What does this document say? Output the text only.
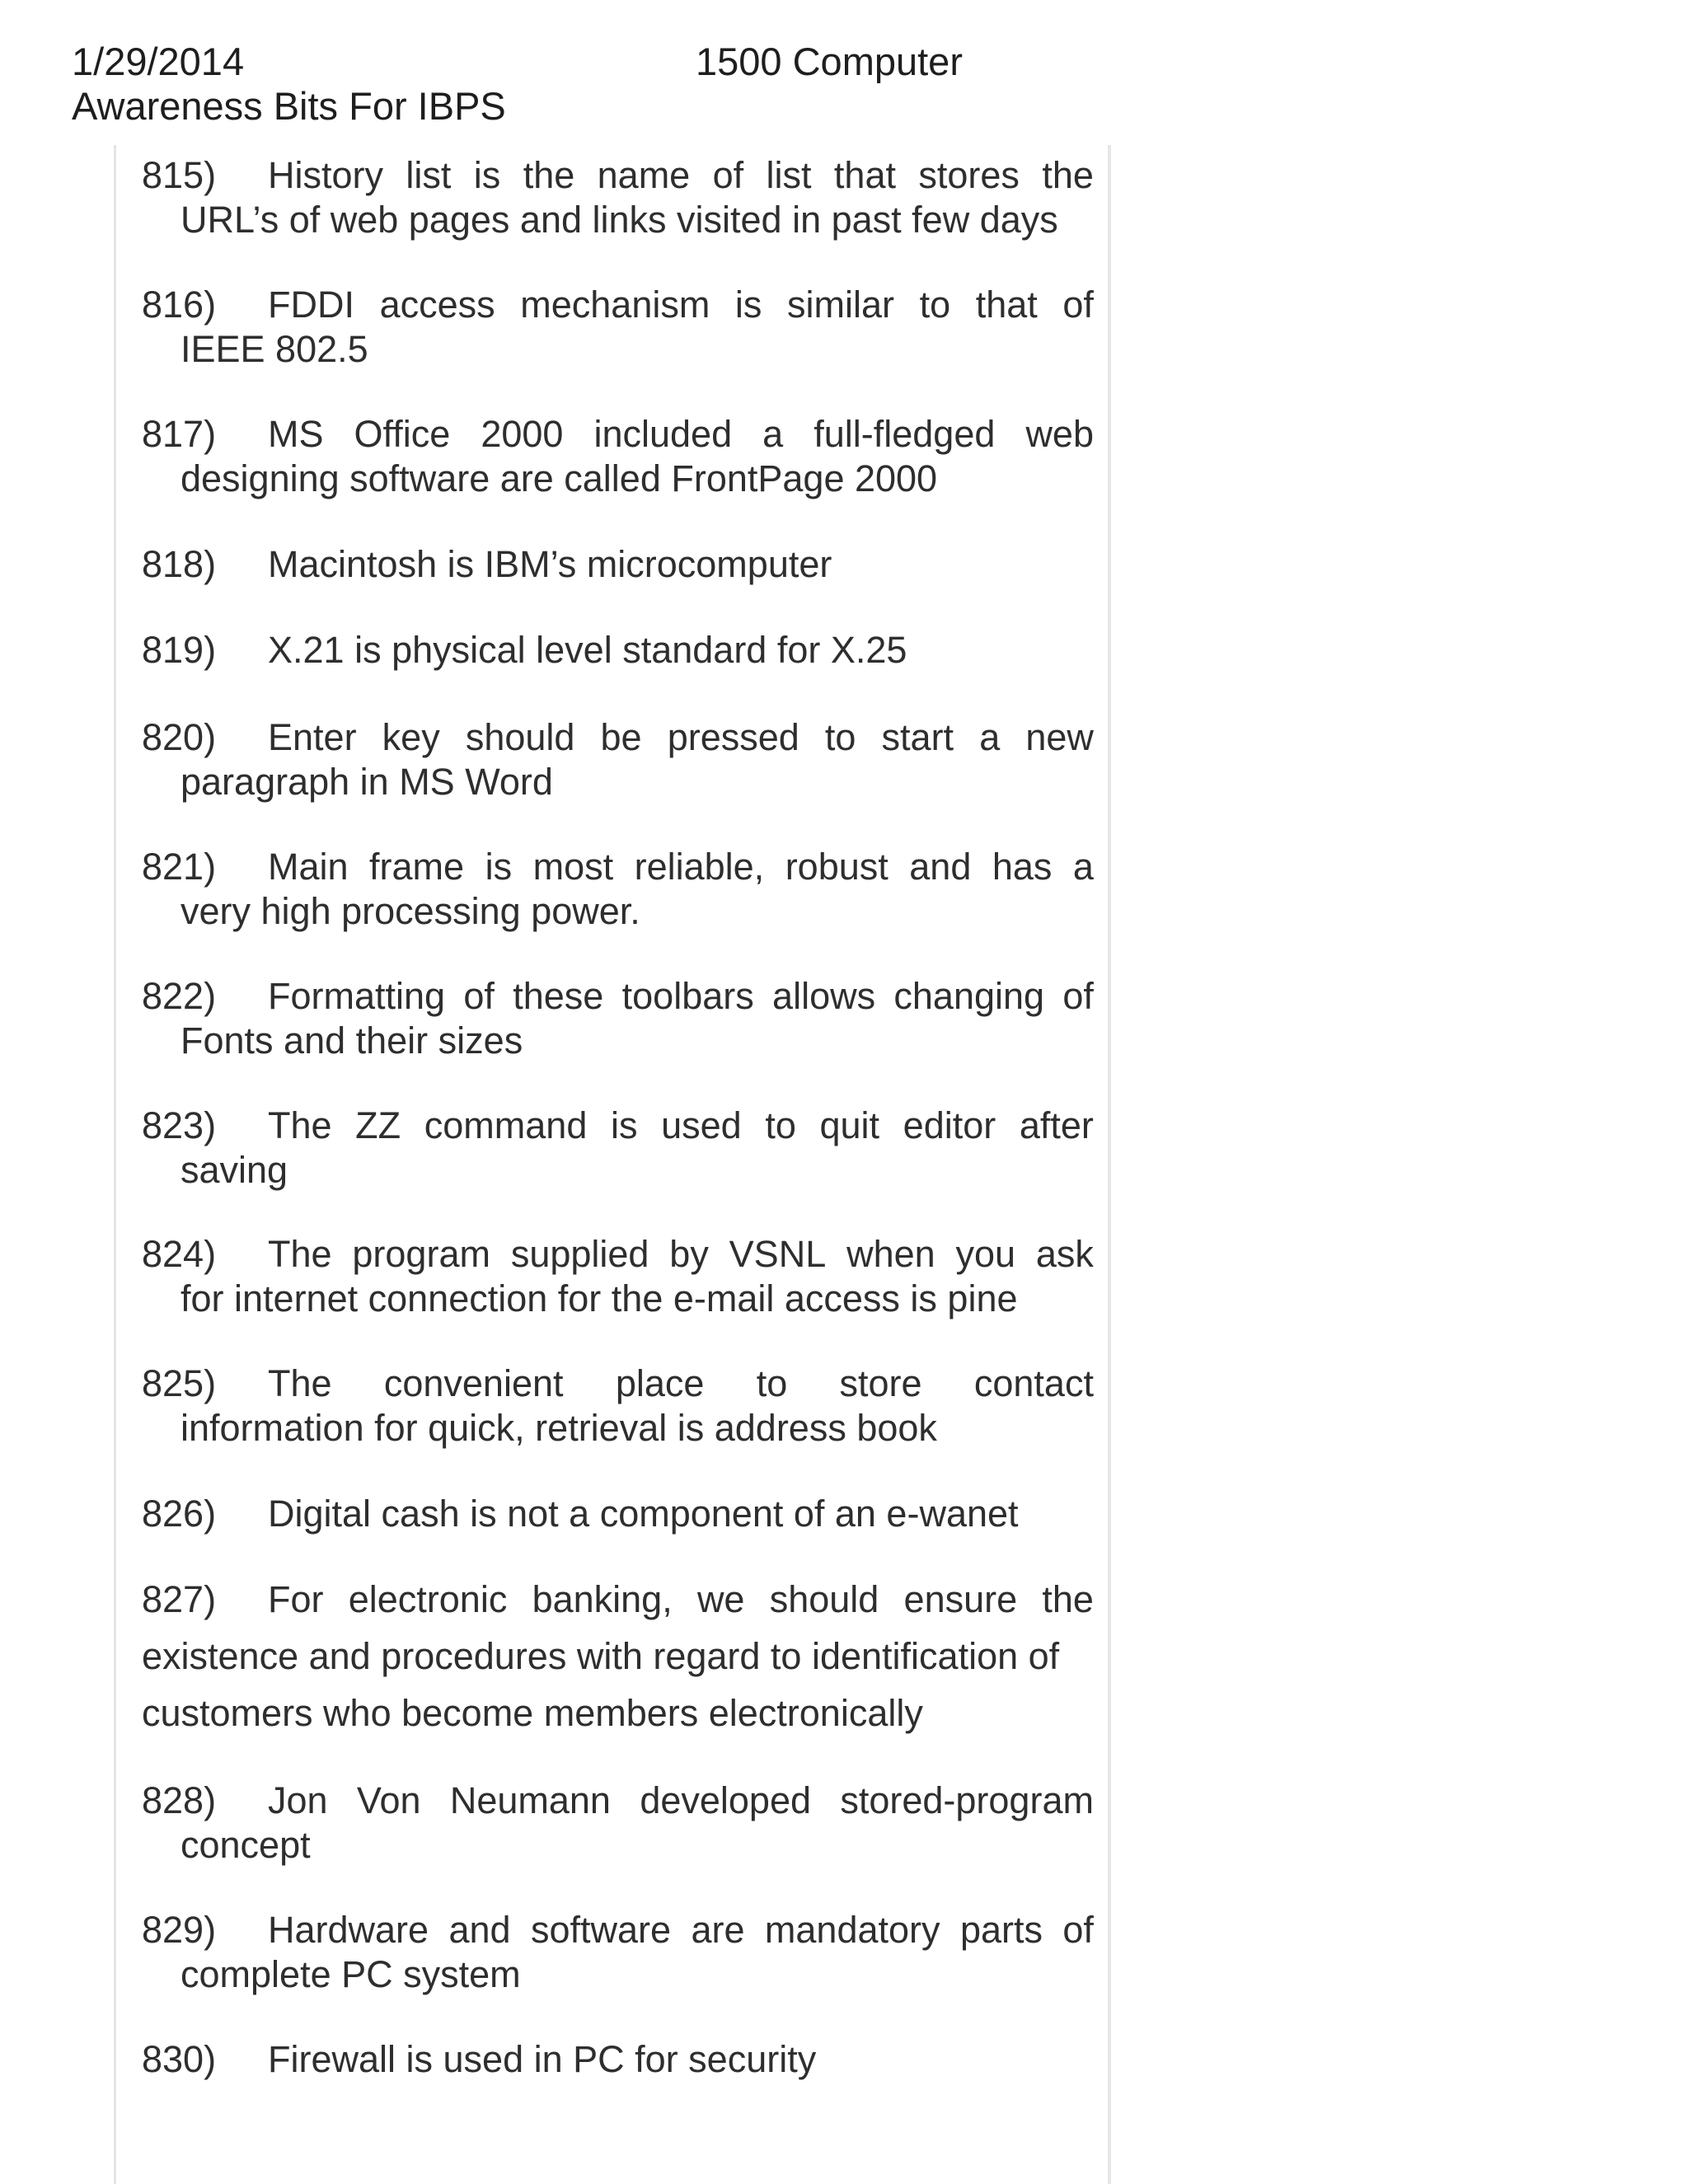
1/29/2014	1500 Computer
Awareness Bits For IBPS
815)	History list is the name of list that stores the
URL’s of web pages and links visited in past few days
816)	FDDI access mechanism is similar to that of
IEEE 802.5
817)	MS Office 2000 included a full-fledged web
designing software are called FrontPage 2000
818) Macintosh is IBM’s microcomputer
819) X.21 is physical level standard for X.25
820)	Enter key should be pressed to start a new
paragraph in MS Word
821)	Main frame is most reliable, robust and has a
very high processing power.
822)	Formatting of these toolbars allows changing of
Fonts and their sizes
823)	The ZZ command is used to quit editor after
saving
824)	The program supplied by VSNL when you ask
for internet connection for the e-mail access is pine
825)	The convenient place to store contact
information for quick, retrieval is address book
826) Digital cash is not a component of an e-wanet
827)	For electronic banking, we should ensure the
existence and procedures with regard to identification of
customers who become members electronically
828)	Jon Von Neumann developed stored-program
concept
829)	Hardware and software are mandatory parts of
complete PC system
830) Firewall is used in PC for security
